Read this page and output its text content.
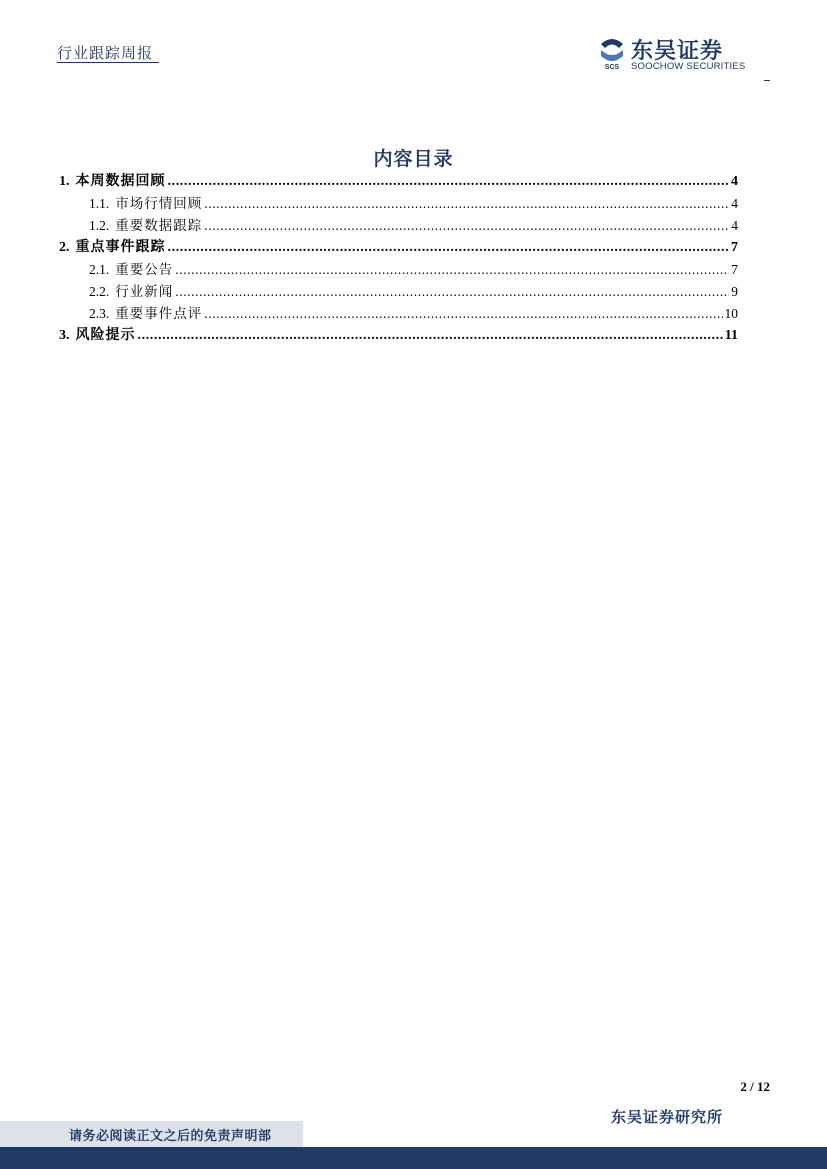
行业跟踪周报
SCS
东吴证券
SOOCHOW SECURITIES
内容目录
1. 本周数据回顾 .....	4
1.1. 市场行情回顾 .....	4
1.2. 重要数据跟踪 .....	4
2. 重点事件跟踪 .....	7
2.1. 重要公告 .....	7
2.2. 行业新闻 .....	9
2.3. 重要事件点评 .....	10
3. 风险提示 .....	11
2 / 12
东吴证券研究所
请务必阅读正文之后的免责声明部
